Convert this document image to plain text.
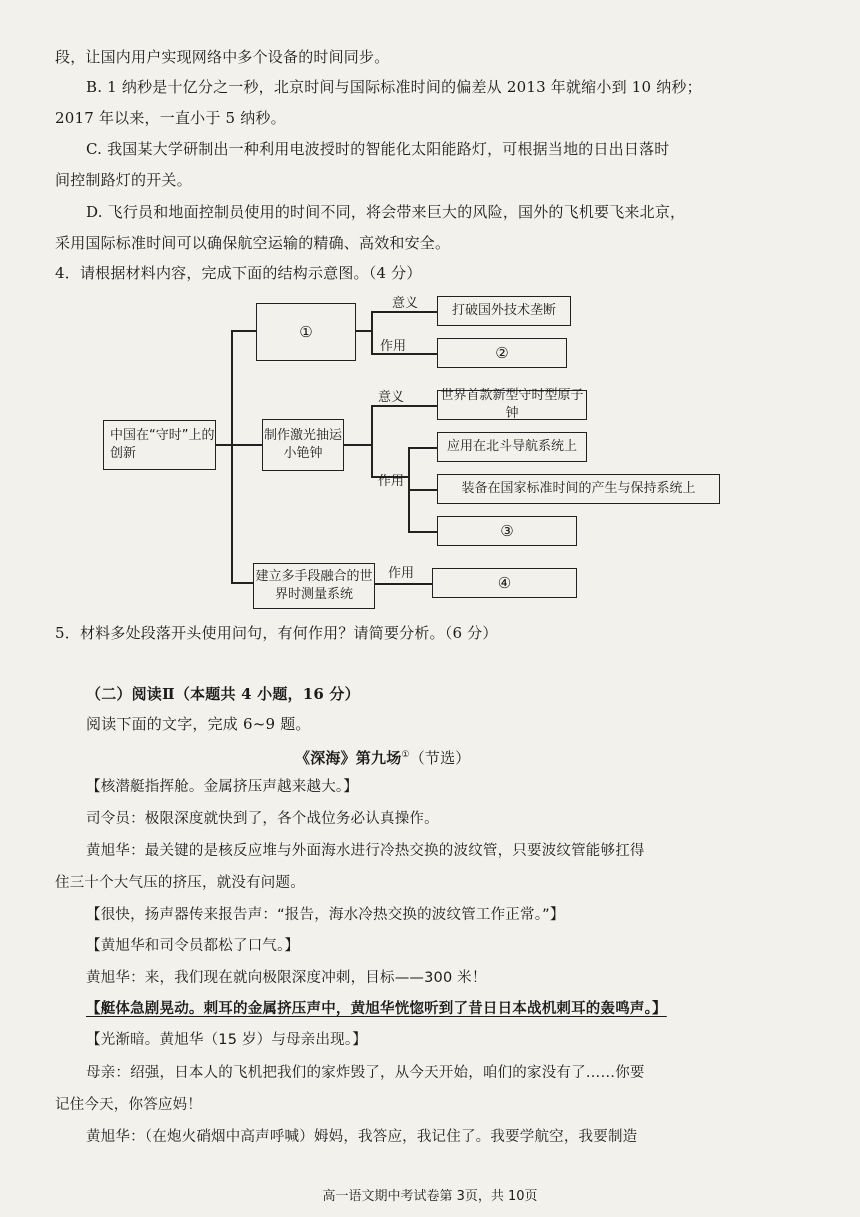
段，让国内用户实现网络中多个设备的时间同步。
B. 1 纳秒是十亿分之一秒，北京时间与国际标准时间的偏差从 2013 年就缩小到 10 纳秒；
2017 年以来，一直小于 5 纳秒。
C. 我国某大学研制出一种利用电波授时的智能化太阳能路灯，可根据当地的日出日落时
间控制路灯的开关。
D. 飞行员和地面控制员使用的时间不同，将会带来巨大的风险，国外的飞机要飞来北京，
采用国际标准时间可以确保航空运输的精确、高效和安全。
4．请根据材料内容，完成下面的结构示意图。（4 分）
中国在“守时”上的创新
①
制作激光抽运小铯钟
建立多手段融合的世界时测量系统
打破国外技术垄断
②
世界首款新型守时型原子钟
应用在北斗导航系统上
装备在国家标准时间的产生与保持系统上
③
④
意义
作用
意义
作用
作用
5．材料多处段落开头使用问句，有何作用？请简要分析。（6 分）
（二）阅读Ⅱ（本题共 4 小题，16 分）
阅读下面的文字，完成 6~9 题。
《深海》第九场①（节选）
【核潜艇指挥舱。金属挤压声越来越大。】
司令员：极限深度就快到了，各个战位务必认真操作。
黄旭华：最关键的是核反应堆与外面海水进行冷热交换的波纹管，只要波纹管能够扛得
住三十个大气压的挤压，就没有问题。
【很快，扬声器传来报告声：“报告，海水冷热交换的波纹管工作正常。”】
【黄旭华和司令员都松了口气。】
黄旭华：来，我们现在就向极限深度冲刺，目标——300 米！
【艇体急剧晃动。刺耳的金属挤压声中，黄旭华恍惚听到了昔日日本战机刺耳的轰鸣声。】
【光渐暗。黄旭华（15 岁）与母亲出现。】
母亲：绍强，日本人的飞机把我们的家炸毁了，从今天开始，咱们的家没有了……你要
记住今天，你答应妈！
黄旭华：（在炮火硝烟中高声呼喊）姆妈，我答应，我记住了。我要学航空，我要制造
高一语文期中考试卷第 3页，共 10页
